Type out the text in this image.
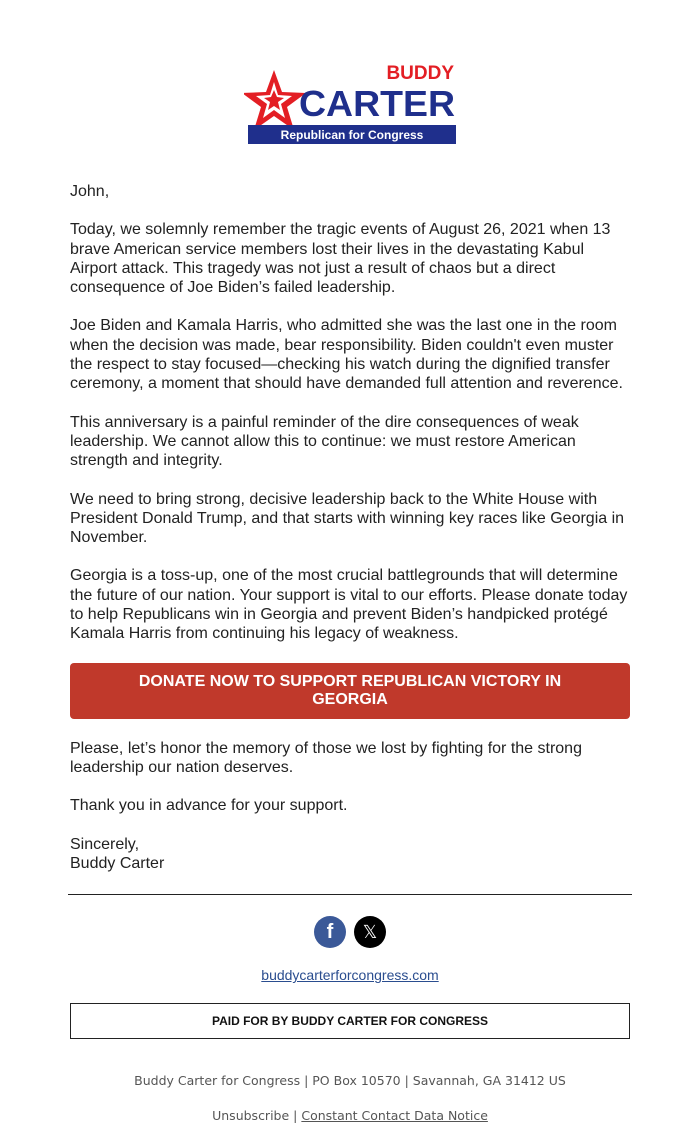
BUDDY
CARTER
Republican for Congress

John,

Today, we solemnly remember the tragic events of August 26, 2021 when 13 brave American service members lost their lives in the devastating Kabul Airport attack. This tragedy was not just a result of chaos but a direct consequence of Joe Biden’s failed leadership.

Joe Biden and Kamala Harris, who admitted she was the last one in the room when the decision was made, bear responsibility. Biden couldn't even muster the respect to stay focused—checking his watch during the dignified transfer ceremony, a moment that should have demanded full attention and reverence.

This anniversary is a painful reminder of the dire consequences of weak leadership. We cannot allow this to continue: we must restore American strength and integrity.

We need to bring strong, decisive leadership back to the White House with President Donald Trump, and that starts with winning key races like Georgia in November.

Georgia is a toss-up, one of the most crucial battlegrounds that will determine the future of our nation. Your support is vital to our efforts. Please donate today to help Republicans win in Georgia and prevent Biden’s handpicked protégé Kamala Harris from continuing his legacy of weakness.

DONATE NOW TO SUPPORT REPUBLICAN VICTORY IN GEORGIA

Please, let’s honor the memory of those we lost by fighting for the strong leadership our nation deserves.

Thank you in advance for your support.

Sincerely,
Buddy Carter

f	𝕏
buddycarterforcongress.com
PAID FOR BY BUDDY CARTER FOR CONGRESS
Buddy Carter for Congress | PO Box 10570 | Savannah, GA 31412 US
Unsubscribe | Constant Contact Data Notice
